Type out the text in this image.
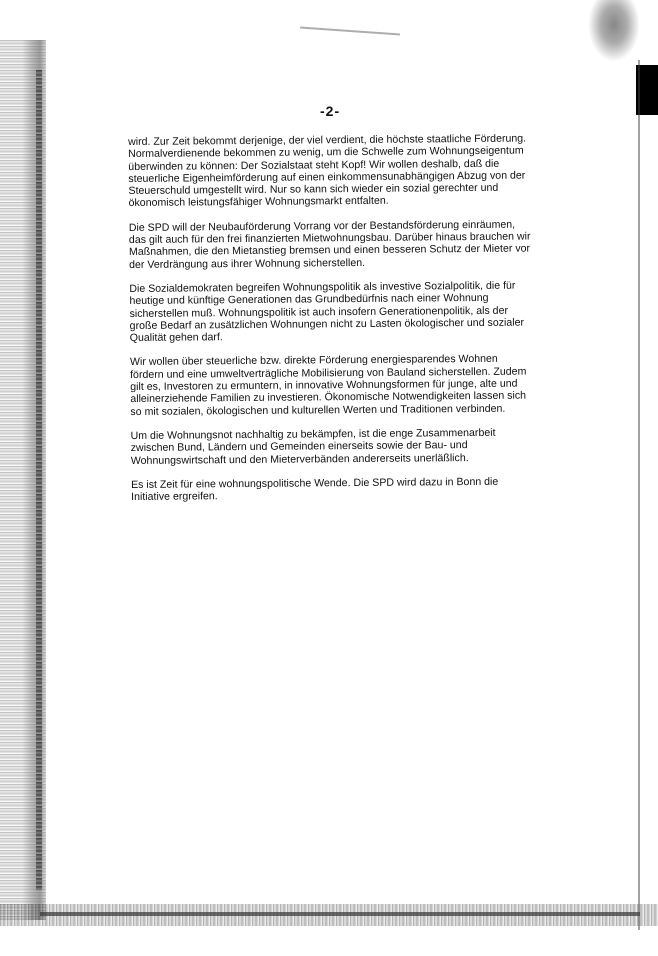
-2-

wird. Zur Zeit bekommt derjenige, der viel verdient, die höchste staatliche Förderung.
Normalverdienende bekommen zu wenig, um die Schwelle zum Wohnungseigentum
überwinden zu können: Der Sozialstaat steht Kopf! Wir wollen deshalb, daß die
steuerliche Eigenheimförderung auf einen einkommensunabhängigen Abzug von der
Steuerschuld umgestellt wird. Nur so kann sich wieder ein sozial gerechter und
ökonomisch leistungsfähiger Wohnungsmarkt entfalten.

Die SPD will der Neubauförderung Vorrang vor der Bestandsförderung einräumen,
das gilt auch für den frei finanzierten Mietwohnungsbau. Darüber hinaus brauchen wir
Maßnahmen, die den Mietanstieg bremsen und einen besseren Schutz der Mieter vor
der Verdrängung aus ihrer Wohnung sicherstellen.

Die Sozialdemokraten begreifen Wohnungspolitik als investive Sozialpolitik, die für
heutige und künftige Generationen das Grundbedürfnis nach einer Wohnung
sicherstellen muß. Wohnungspolitik ist auch insofern Generationenpolitik, als der
große Bedarf an zusätzlichen Wohnungen nicht zu Lasten ökologischer und sozialer
Qualität gehen darf.

Wir wollen über steuerliche bzw. direkte Förderung energiesparendes Wohnen
fördern und eine umweltverträgliche Mobilisierung von Bauland sicherstellen. Zudem
gilt es, Investoren zu ermuntern, in innovative Wohnungsformen für junge, alte und
alleinerziehende Familien zu investieren. Ökonomische Notwendigkeiten lassen sich
so mit sozialen, ökologischen und kulturellen Werten und Traditionen verbinden.

Um die Wohnungsnot nachhaltig zu bekämpfen, ist die enge Zusammenarbeit
zwischen Bund, Ländern und Gemeinden einerseits sowie der Bau- und
Wohnungswirtschaft und den Mieterverbänden andererseits unerläßlich.

Es ist Zeit für eine wohnungspolitische Wende. Die SPD wird dazu in Bonn die
Initiative ergreifen.
